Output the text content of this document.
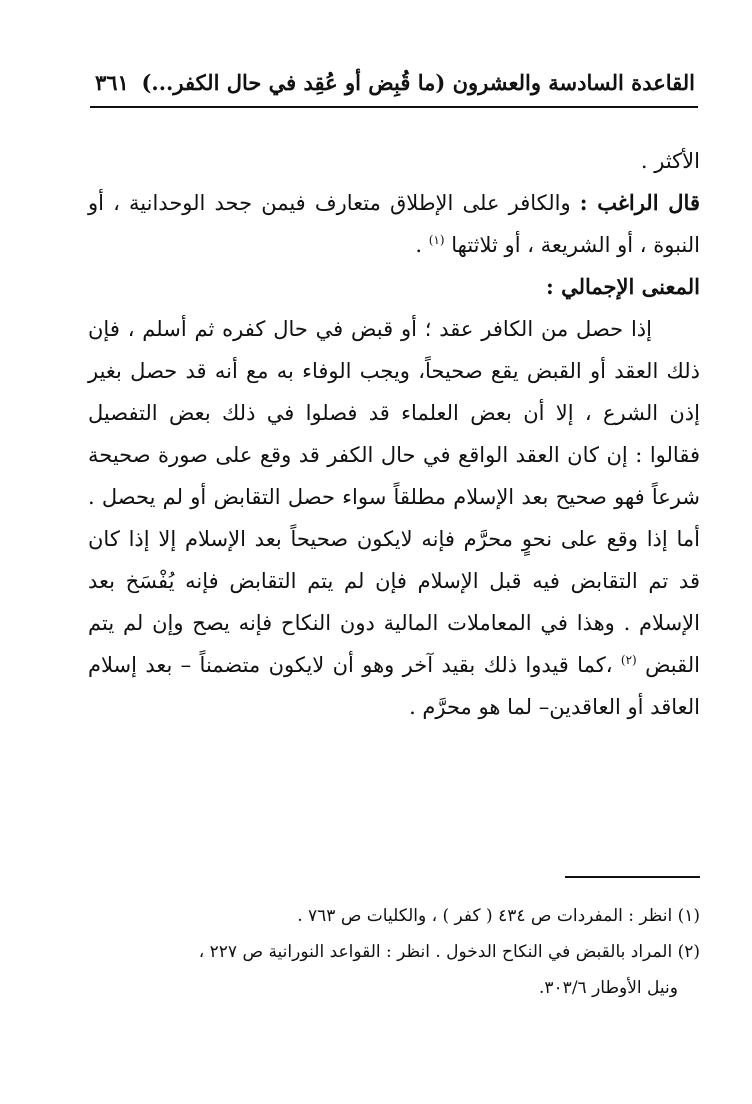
القاعدة السادسة والعشرون (ما قُبِض أو عُقِد في حال الكفر...)
٣٦١

الأكثر .

قال الراغب : والكافر على الإطلاق متعارف فيمن جحد الوحدانية ، أو النبوة ، أو الشريعة ، أو ثلاثتها $^{(١)}$ .

المعنى الإجمالي :

إذا حصل من الكافر عقد ؛ أو قبض في حال كفره ثم أسلم ، فإن ذلك العقد أو القبض يقع صحيحاً، ويجب الوفاء به مع أنه قد حصل بغير إذن الشرع ، إلا أن بعض العلماء قد فصلوا في ذلك بعض التفصيل فقالوا : إن كان العقد الواقع في حال الكفر قد وقع على صورة صحيحة شرعاً فهو صحيح بعد الإسلام مطلقاً سواء حصل التقابض أو لم يحصل . أما إذا وقع على نحوٍ محرَّم فإنه لايكون صحيحاً بعد الإسلام إلا إذا كان قد تم التقابض فيه قبل الإسلام فإن لم يتم التقابض فإنه يُفْسَخ بعد الإسلام . وهذا في المعاملات المالية دون النكاح فإنه يصح وإن لم يتم القبض $^{(٢)}$ ،كما قيدوا ذلك بقيد آخر وهو أن لايكون متضمناً – بعد إسلام العاقد أو العاقدين– لما هو محرَّم .

(١) انظر : المفردات ص ٤٣٤ ( كفر ) ، والكليات ص ٧٦٣ .

(٢) المراد بالقبض في النكاح الدخول . انظر : القواعد النورانية ص ٢٢٧ ،

ونيل الأوطار ٣٠٣/٦.
